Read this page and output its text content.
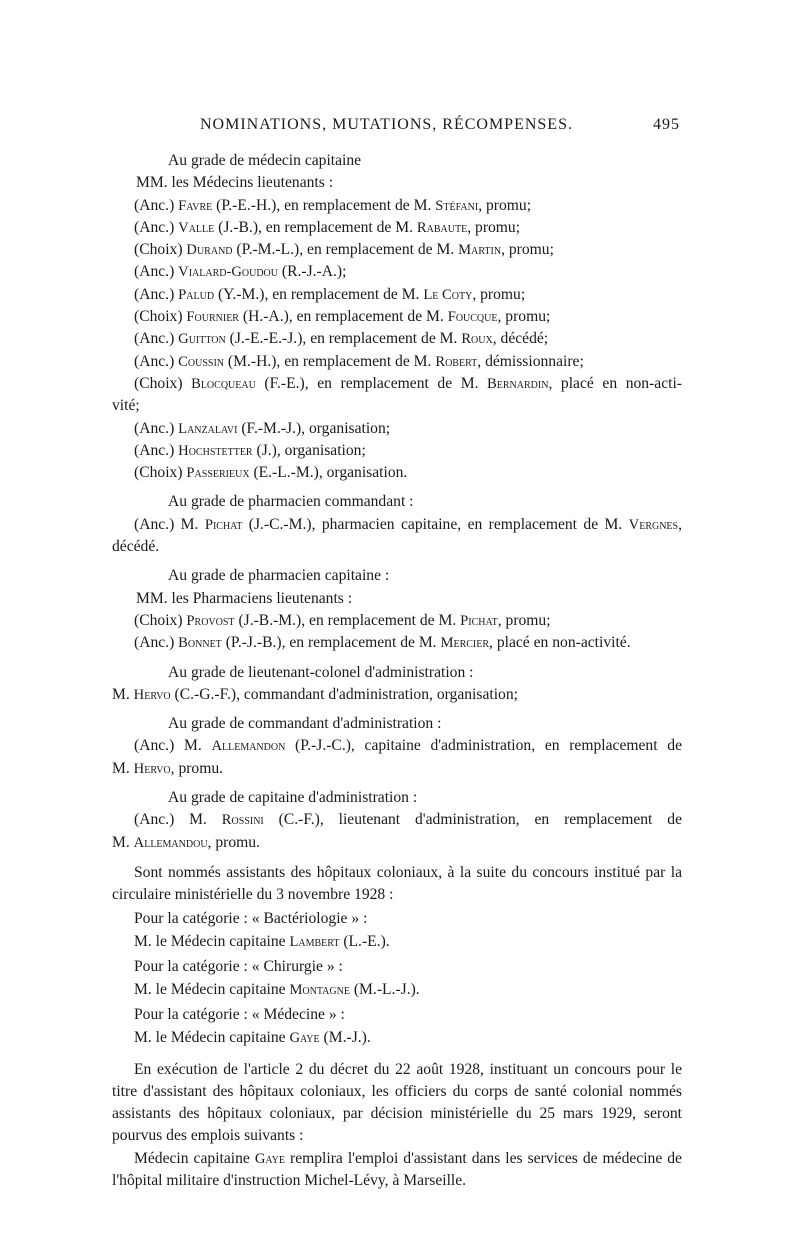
NOMINATIONS, MUTATIONS, RÉCOMPENSES.	495

Au grade de médecin capitaine

MM. les Médecins lieutenants :

(Anc.) Favre (P.-E.-H.), en remplacement de M. Stéfani, promu;

(Anc.) Valle (J.-B.), en remplacement de M. Rabaute, promu;

(Choix) Durand (P.-M.-L.), en remplacement de M. Martin, promu;

(Anc.) Vialard-Goudou (R.-J.-A.);

(Anc.) Palud (Y.-M.), en remplacement de M. Le Coty, promu;

(Choix) Fournier (H.-A.), en remplacement de M. Foucque, promu;

(Anc.) Guitton (J.-E.-E.-J.), en remplacement de M. Roux, décédé;

(Anc.) Coussin (M.-H.), en remplacement de M. Robert, démissionnaire;

(Choix) Blocqueau (F.-E.), en remplacement de M. Bernardin, placé en non-acti-

vité;

(Anc.) Lanzalavi (F.-M.-J.), organisation;

(Anc.) Hochstetter (J.), organisation;

(Choix) Passerieux (E.-L.-M.), organisation.

Au grade de pharmacien commandant :

(Anc.) M. Pichat (J.-C.-M.), pharmacien capitaine, en remplacement de M. Vergnes,

décédé.

Au grade de pharmacien capitaine :

MM. les Pharmaciens lieutenants :

(Choix) Provost (J.-B.-M.), en remplacement de M. Pichat, promu;

(Anc.) Bonnet (P.-J.-B.), en remplacement de M. Mercier, placé en non-activité.

Au grade de lieutenant-colonel d'administration :

M. Hervo (C.-G.-F.), commandant d'administration, organisation;

Au grade de commandant d'administration :

(Anc.) M. Allemandon (P.-J.-C.), capitaine d'administration, en remplacement de

M. Hervo, promu.

Au grade de capitaine d'administration :

(Anc.) M. Rossini (C.-F.), lieutenant d'administration, en remplacement de

M. Allemandou, promu.

Sont nommés assistants des hôpitaux coloniaux, à la suite du concours institué par la circulaire ministérielle du 3 novembre 1928 :

Pour la catégorie : « Bactériologie » :

M. le Médecin capitaine Lambert (L.-E.).

Pour la catégorie : « Chirurgie » :

M. le Médecin capitaine Montagne (M.-L.-J.).

Pour la catégorie : « Médecine » :

M. le Médecin capitaine Gaye (M.-J.).

En exécution de l'article 2 du décret du 22 août 1928, instituant un concours pour le titre d'assistant des hôpitaux coloniaux, les officiers du corps de santé colonial nommés assistants des hôpitaux coloniaux, par décision ministérielle du 25 mars 1929, seront pourvus des emplois suivants :

Médecin capitaine Gaye remplira l'emploi d'assistant dans les services de médecine de l'hôpital militaire d'instruction Michel-Lévy, à Marseille.
